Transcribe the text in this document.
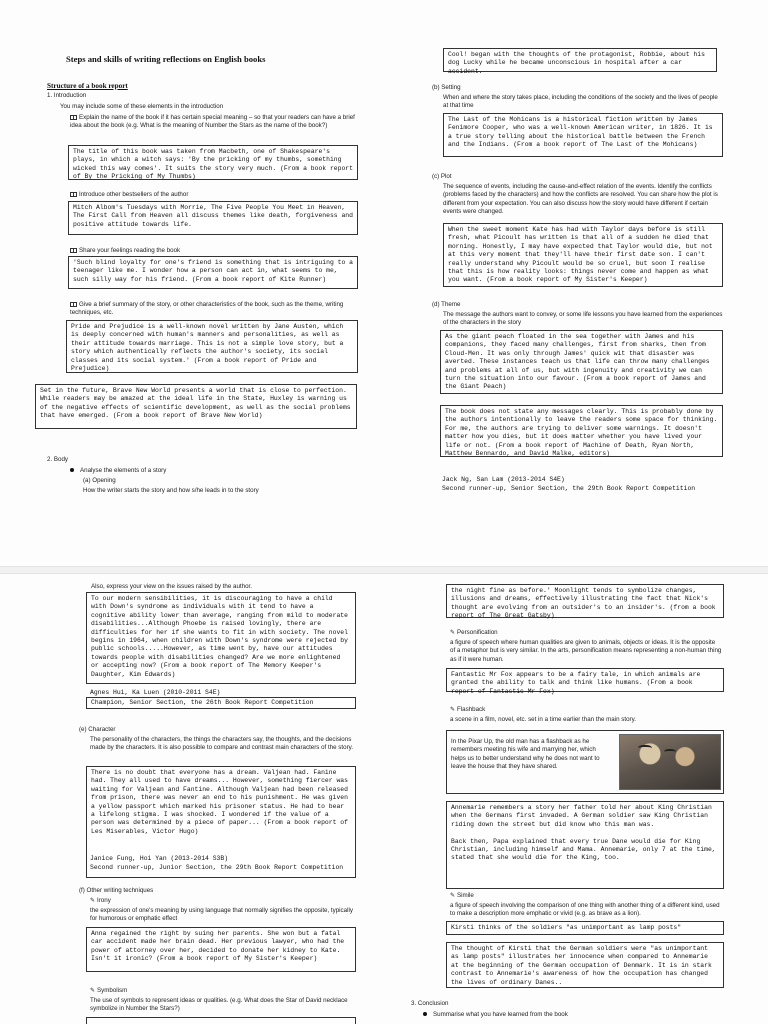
Steps and skills of writing reflections on English books
Structure of a book report
1. Introduction
You may include some of these elements in the introduction
Explain the name of the book if it has certain special meaning – so that your readers can have a brief idea about the book (e.g. What is the meaning of Number the Stars as the name of the book?)
The title of this book was taken from Macbeth, one of Shakespeare's plays, in which a witch says: 'By the pricking of my thumbs, something wicked this way comes'. It suits the story very much. (From a book report of By the Pricking of My Thumbs)
Introduce other bestsellers of the author
Mitch Albom's Tuesdays with Morrie, The Five People You Meet in Heaven, The First Call from Heaven all discuss themes like death, forgiveness and positive attitude towards life.
Share your feelings reading the book
'Such blind loyalty for one's friend is something that is intriguing to a teenager like me. I wonder how a person can act in, what seems to me, such silly way for his friend. (From a book report of Kite Runner)
Give a brief summary of the story, or other characteristics of the book, such as the theme, writing techniques, etc.
Pride and Prejudice is a well-known novel written by Jane Austen, which is deeply concerned with human's manners and personalities, as well as their attitude towards marriage. This is not a simple love story, but a story which authentically reflects the author's society, its social classes and its social system.' (From a book report of Pride and Prejudice)
Set in the future, Brave New World presents a world that is close to perfection. While readers may be amazed at the ideal life in the State, Huxley is warning us of the negative effects of scientific development, as well as the social problems that have emerged. (From a book report of Brave New World)
2. Body
Analyse the elements of a story
(a) Opening
How the writer starts the story and how s/he leads in to the story
Cool! began with the thoughts of the protagonist, Robbie, about his dog Lucky while he became unconscious in hospital after a car accident.
(b) Setting
When and where the story takes place, including the conditions of the society and the lives of people at that time
The Last of the Mohicans is a historical fiction written by James Fenimore Cooper, who was a well-known American writer, in 1826. It is a true story telling about the historical battle between the French and the Indians. (From a book report of The Last of the Mohicans)
(c) Plot
The sequence of events, including the cause-and-effect relation of the events. Identify the conflicts (problems faced by the characters) and how the conflicts are resolved. You can share how the plot is different from your expectation. You can also discuss how the story would have different if certain events were changed.
When the sweet moment Kate has had with Taylor days before is still fresh, what Picoult has written is that all of a sudden he died that morning. Honestly, I may have expected that Taylor would die, but not at this very moment that they'll have their first date son. I can't really understand why Picoult would be so cruel, but soon I realise that this is how reality looks: things never come and happen as what you want. (From a book report of My Sister's Keeper)
(d) Theme
The message the authors want to convey, or some life lessons you have learned from the experiences of the characters in the story
As the giant peach floated in the sea together with James and his companions, they faced many challenges, first from sharks, then from Cloud-Men. It was only through James' quick wit that disaster was averted. These instances teach us that life can throw many challenges and problems at all of us, but with ingenuity and creativity we can turn the situation into our favour. (From a book report of James and the Giant Peach)
The book does not state any messages clearly. This is probably done by the authors intentionally to leave the readers some space for thinking. For me, the authors are trying to deliver some warnings. It doesn't matter how you dies, but it does matter whether you have lived your life or not. (From a book report of Machine of Death, Ryan North, Matthew Bennardo, and David Malke, editors)
Jack Ng, San Lam (2013-2014 S4E)
Second runner-up, Senior Section, the 29th Book Report Competition
Also, express your view on the issues raised by the author.
To our modern sensibilities, it is discouraging to have a child with Down's syndrome as individuals with it tend to have a cognitive ability lower than average, ranging from mild to moderate disabilities...Although Phoebe is raised lovingly, there are difficulties for her if she wants to fit in with society. The novel begins in 1964, when children with Down's syndrome were rejected by public schools.....However, as time went by, have our attitudes towards people with disabilities changed? Are we more enlightened or accepting now? (From a book report of The Memory Keeper's Daughter, Kim Edwards)
Agnes Hui, Ka Luen (2010-2011 S4E)
Champion, Senior Section, the 26th Book Report Competition
(e) Character
The personality of the characters, the things the characters say, the thoughts, and the decisions made by the characters. It is also possible to compare and contrast main characters of the story.
There is no doubt that everyone has a dream. Valjean had. Fanine had. They all used to have dreams... However, something fiercer was waiting for Valjean and Fantine. Although Valjean had been released from prison, there was never an end to his punishment. He was given a yellow passport which marked his prisoner status. He had to bear a lifelong stigma. I was shocked. I wondered if the value of a person was determined by a piece of paper... (From a book report of Les Miserables, Victor Hugo)
Janice Fung, Hoi Yan (2013-2014 S3B)
Second runner-up, Junior Section, the 29th Book Report Competition
(f) Other writing techniques
✎ Irony
the expression of one's meaning by using language that normally signifies the opposite, typically for humorous or emphatic effect
Anna regained the right by suing her parents. She won but a fatal car accident made her brain dead. Her previous lawyer, who had the power of attorney over her, decided to donate her kidney to Kate. Isn't it ironic? (From a book report of My Sister's Keeper)
✎ Symbolism
The use of symbols to represent ideas or qualities. (e.g. What does the Star of David necklace symbolize in Number the Stars?)
the night fine as before.' Moonlight tends to symbolize changes, illusions and dreams, effectively illustrating the fact that Nick's thought are evolving from an outsider's to an insider's. (from a book report of The Great Gatsby)
✎ Personification
a figure of speech where human qualities are given to animals, objects or ideas. It is the opposite of a metaphor but is very similar. In the arts, personification means representing a non-human thing as if it were human.
Fantastic Mr Fox appears to be a fairy tale, in which animals are granted the ability to talk and think like humans. (From a book report of Fantastic Mr Fox)
✎ Flashback
a scene in a film, novel, etc. set in a time earlier than the main story.
In the Pixar Up, the old man has a flashback as he remembers meeting his wife and marrying her, which helps us to better understand why he does not want to leave the house that they have shared.
Annemarie remembers a story her father told her about King Christian when the Germans first invaded. A German soldier saw King Christian riding down the street but did know who this man was.

Back then, Papa explained that every true Dane would die for King Christian, including himself and Mama. Annemarie, only 7 at the time, stated that she would die for the King, too.
✎ Simile
a figure of speech involving the comparison of one thing with another thing of a different kind, used to make a description more emphatic or vivid (e.g. as brave as a lion).
Kirsti thinks of the soldiers "as unimportant as lamp posts"
The thought of Kirsti that the German soldiers were "as unimportant as lamp posts" illustrates her innocence when compared to Annemarie at the beginning of the German occupation of Denmark. It is in stark contrast to Annemarie's awareness of how the occupation has changed the lives of ordinary Danes..
3. Conclusion
Summarise what you have learned from the book
